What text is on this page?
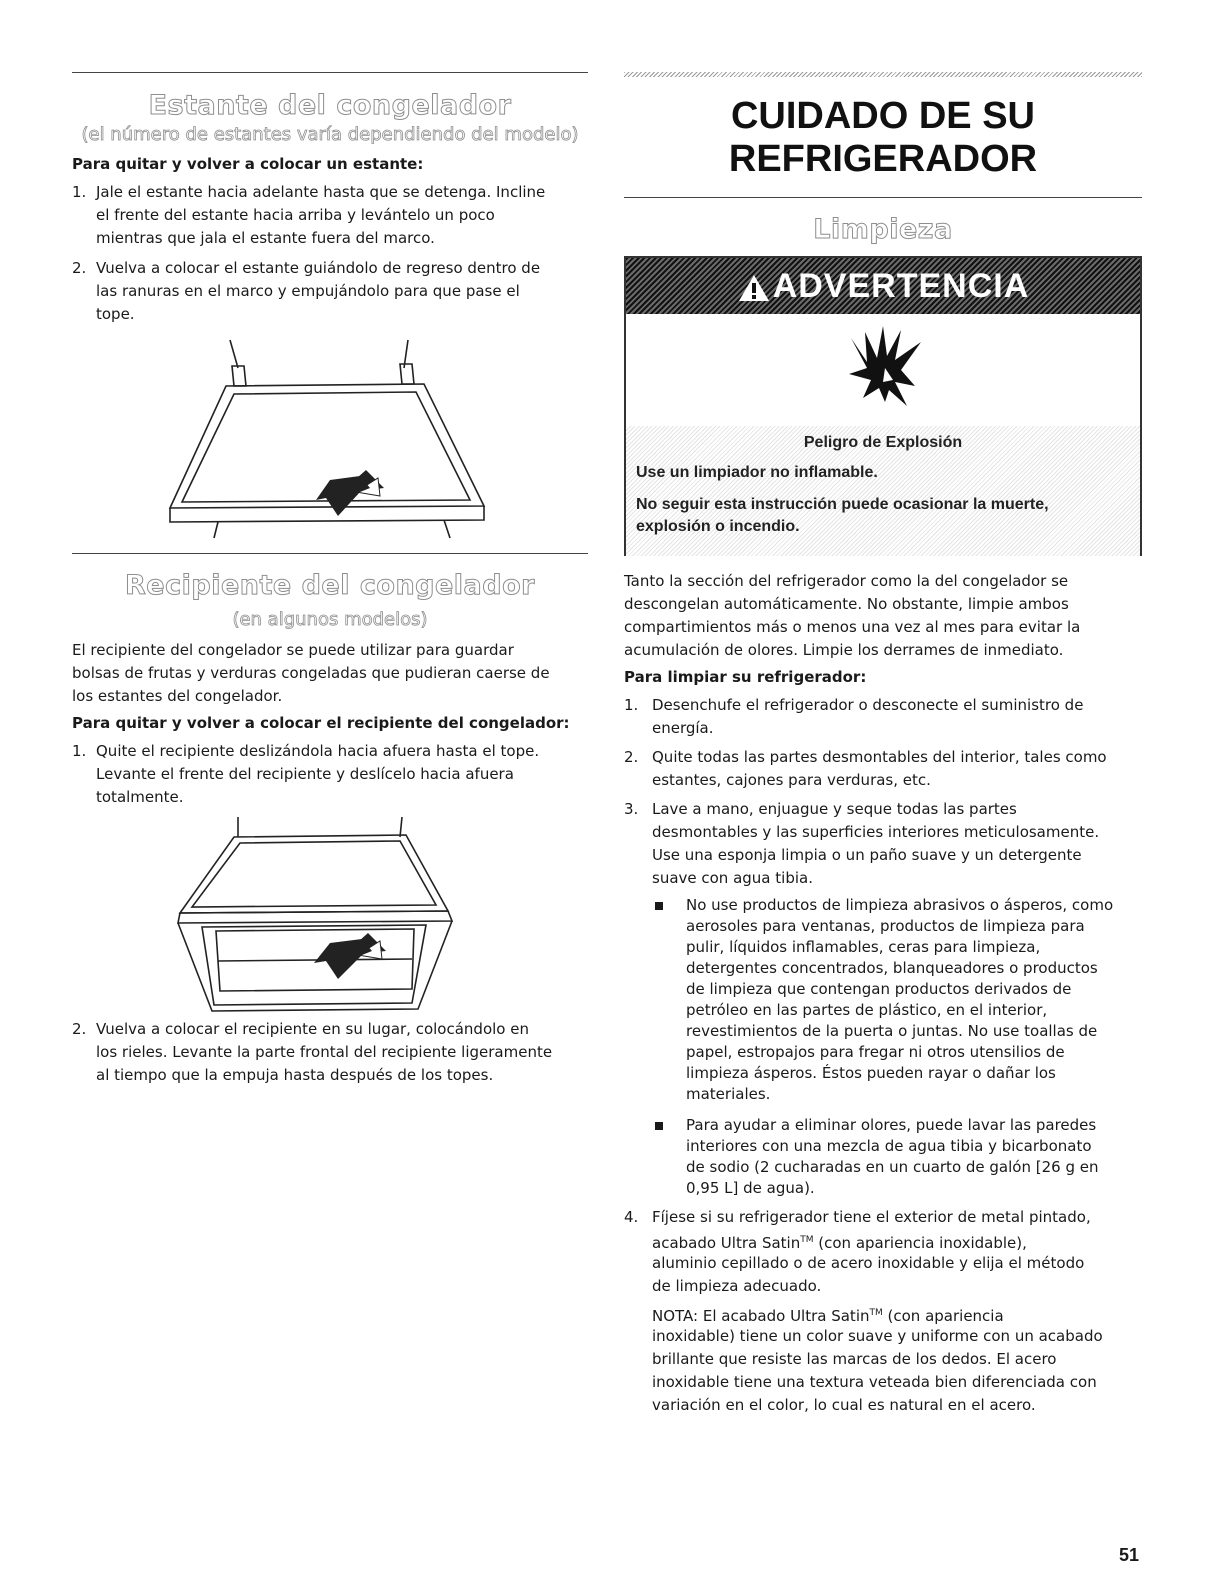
Estante del congelador

(el número de estantes varía dependiendo del modelo)

Para quitar y volver a colocar un estante:

1. Jale el estante hacia adelante hasta que se detenga. Incline

el frente del estante hacia arriba y levántelo un poco

mientras que jala el estante fuera del marco.

2. Vuelva a colocar el estante guiándolo de regreso dentro de

las ranuras en el marco y empujándolo para que pase el

tope.

Recipiente del congelador

(en algunos modelos)

El recipiente del congelador se puede utilizar para guardar

bolsas de frutas y verduras congeladas que pudieran caerse de

los estantes del congelador.

Para quitar y volver a colocar el recipiente del congelador:

1. Quite el recipiente deslizándola hacia afuera hasta el tope.

Levante el frente del recipiente y deslícelo hacia afuera

totalmente.

2. Vuelva a colocar el recipiente en su lugar, colocándolo en

los rieles. Levante la parte frontal del recipiente ligeramente

al tiempo que la empuja hasta después de los topes.

CUIDADO DE SU
REFRIGERADOR
Limpieza
ADVERTENCIA

Peligro de Explosión

Use un limpiador no inflamable.

No seguir esta instrucción puede ocasionar la muerte,

explosión o incendio.

Tanto la sección del refrigerador como la del congelador se

descongelan automáticamente. No obstante, limpie ambos

compartimientos más o menos una vez al mes para evitar la

acumulación de olores. Limpie los derrames de inmediato.

Para limpiar su refrigerador:

1. Desenchufe el refrigerador o desconecte el suministro de

energía.

2. Quite todas las partes desmontables del interior, tales como

estantes, cajones para verduras, etc.

3. Lave a mano, enjuague y seque todas las partes

desmontables y las superficies interiores meticulosamente.

Use una esponja limpia o un paño suave y un detergente

suave con agua tibia.

No use productos de limpieza abrasivos o ásperos, como

aerosoles para ventanas, productos de limpieza para

pulir, líquidos inflamables, ceras para limpieza,

detergentes concentrados, blanqueadores o productos

de limpieza que contengan productos derivados de

petróleo en las partes de plástico, en el interior,

revestimientos de la puerta o juntas. No use toallas de

papel, estropajos para fregar ni otros utensilios de

limpieza ásperos. Éstos pueden rayar o dañar los

materiales.

Para ayudar a eliminar olores, puede lavar las paredes

interiores con una mezcla de agua tibia y bicarbonato

de sodio (2 cucharadas en un cuarto de galón [26 g en

0,95 L] de agua).

4. Fíjese si su refrigerador tiene el exterior de metal pintado,

acabado Ultra Satin™ (con apariencia inoxidable),

aluminio cepillado o de acero inoxidable y elija el método

de limpieza adecuado.

NOTA: El acabado Ultra Satin™ (con apariencia

inoxidable) tiene un color suave y uniforme con un acabado

brillante que resiste las marcas de los dedos. El acero

inoxidable tiene una textura veteada bien diferenciada con

variación en el color, lo cual es natural en el acero.

51
